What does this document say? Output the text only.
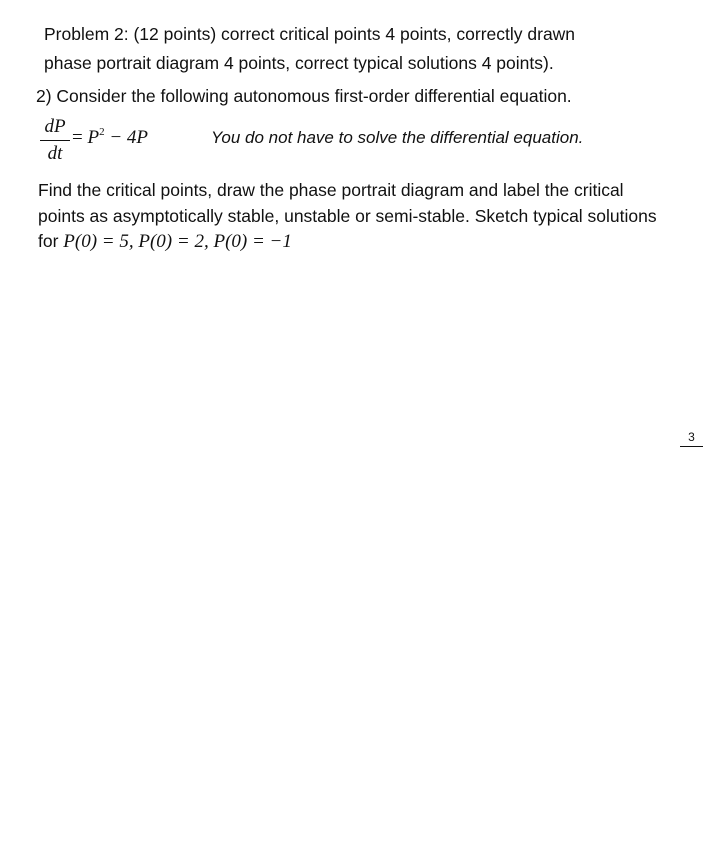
Problem 2: (12 points) correct critical points 4 points, correctly drawn
phase portrait diagram 4 points, correct typical solutions 4 points).
2) Consider the following autonomous first-order differential equation.
dP
dt
= $P^2 - 4P$	You do not have to solve the differential equation.
Find the critical points, draw the phase portrait diagram and label the critical
points as asymptotically stable, unstable or semi-stable. Sketch typical solutions
for P(0) = 5, P(0) = 2, P(0) = −1
3
